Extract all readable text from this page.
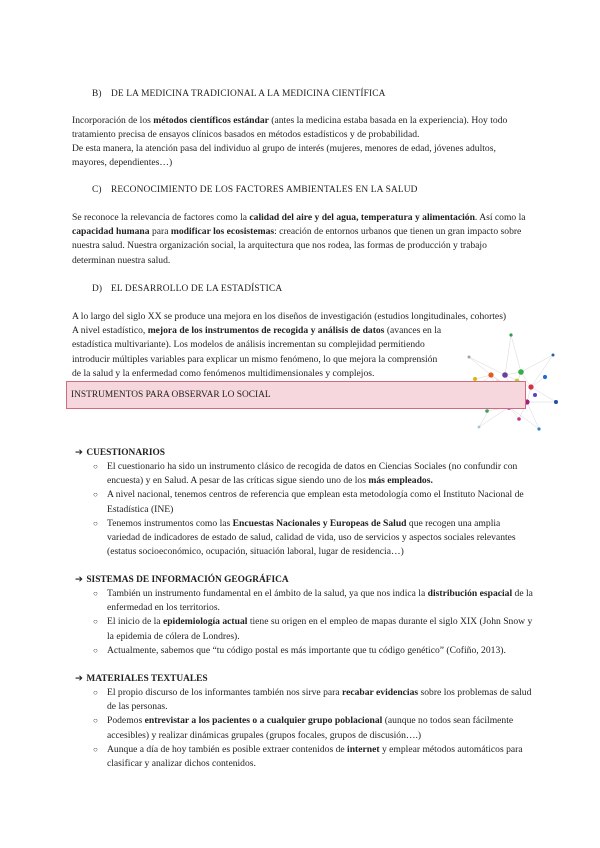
B) DE LA MEDICINA TRADICIONAL A LA MEDICINA CIENTÍFICA

Incorporación de los métodos científicos estándar (antes la medicina estaba basada en la experiencia). Hoy todo tratamiento precisa de ensayos clínicos basados en métodos estadísticos y de probabilidad.

De esta manera, la atención pasa del individuo al grupo de interés (mujeres, menores de edad, jóvenes adultos, mayores, dependientes…)

C) RECONOCIMIENTO DE LOS FACTORES AMBIENTALES EN LA SALUD

Se reconoce la relevancia de factores como la calidad del aire y del agua, temperatura y alimentación. Así como la capacidad humana para modificar los ecosistemas: creación de entornos urbanos que tienen un gran impacto sobre nuestra salud. Nuestra organización social, la arquitectura que nos rodea, las formas de producción y trabajo determinan nuestra salud.

D) EL DESARROLLO DE LA ESTADÍSTICA
A lo largo del siglo XX se produce una mejora en los diseños de investigación (estudios longitudinales, cohortes)
A nivel estadístico, mejora de los instrumentos de recogida y análisis de datos (avances en la
estadística multivariante). Los modelos de análisis incrementan su complejidad permitiendo
introducir múltiples variables para explicar un mismo fenómeno, lo que mejora la comprensión
de la salud y la enfermedad como fenómenos multidimensionales y complejos.
INSTRUMENTOS PARA OBSERVAR LO SOCIAL
➔ CUESTIONARIOS
○ El cuestionario ha sido un instrumento clásico de recogida de datos en Ciencias Sociales (no confundir con encuesta) y en Salud. A pesar de las críticas sigue siendo uno de los más empleados.
○ A nivel nacional, tenemos centros de referencia que emplean esta metodología como el Instituto Nacional de Estadística (INE)
○ Tenemos instrumentos como las Encuestas Nacionales y Europeas de Salud que recogen una amplia variedad de indicadores de estado de salud, calidad de vida, uso de servicios y aspectos sociales relevantes (estatus socioeconómico, ocupación, situación laboral, lugar de residencia…)
➔ SISTEMAS DE INFORMACIÓN GEOGRÁFICA
○ También un instrumento fundamental en el ámbito de la salud, ya que nos indica la distribución espacial de la enfermedad en los territorios.
○ El inicio de la epidemiología actual tiene su origen en el empleo de mapas durante el siglo XIX (John Snow y la epidemia de cólera de Londres).
○ Actualmente, sabemos que “tu código postal es más importante que tu código genético” (Cofiño, 2013).
➔ MATERIALES TEXTUALES
○ El propio discurso de los informantes también nos sirve para recabar evidencias sobre los problemas de salud de las personas.
○ Podemos entrevistar a los pacientes o a cualquier grupo poblacional (aunque no todos sean fácilmente accesibles) y realizar dinámicas grupales (grupos focales, grupos de discusión….)
○ Aunque a día de hoy también es posible extraer contenidos de internet y emplear métodos automáticos para clasificar y analizar dichos contenidos.
